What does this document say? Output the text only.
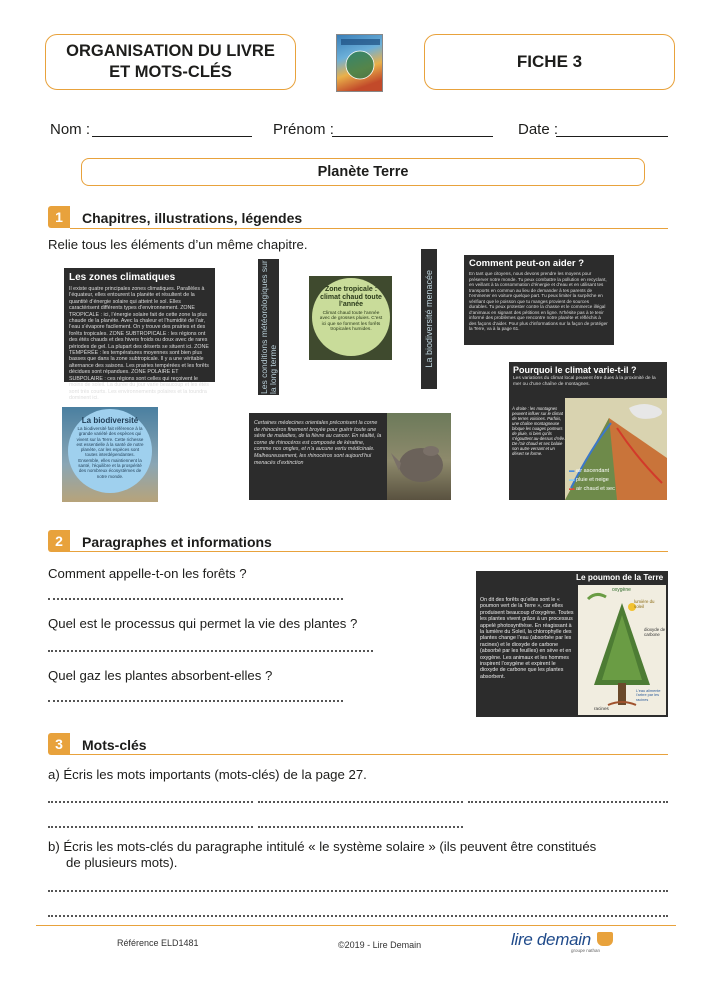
ORGANISATION DU LIVRE
ET MOTS-CLÉS
FICHE 3
Nom :	Prénom :	Date :
Planète Terre
1	Chapitres, illustrations, légendes
Relie tous les éléments d’un même chapitre.
Les zones climatiques
Il existe quatre principales zones climatiques. Parallèles à l’équateur, elles entourent la planète et résultent de la quantité d’énergie solaire qui atteint le sol. Elles caractérisent différents types d’environnement. ZONE TROPICALE : ici, l’énergie solaire fait de cette zone la plus chaude de la planète. Avec la chaleur et l’humidité de l’air, l’eau s’évapore facilement. On y trouve des prairies et des forêts tropicales. ZONE SUBTROPICALE : les régions ont des étés chauds et des hivers froids ou doux avec de rares périodes de gel. La plupart des déserts se situent ici. ZONE TEMPÉRÉE : les températures moyennes sont bien plus basses que dans la zone subtropicale. Il y a une véritable alternance des saisons. Les prairies tempérées et les forêts décidues sont répandues. ZONE POLAIRE ET SUBPOLAIRE : ces régions sont celles qui reçoivent le moins de soleil. La durée du jour varie beaucoup et les étés sont très courts. Les environnements polaires et la toundra dominent ici.
Les conditions météorologiques sur la long terme
Zone tropicale : climat chaud toute l’année
Climat chaud toute l’année avec de grosses pluies. C’est ici que se forment les forêts tropicales humides.	La biodiversité menacée
Comment peut-on aider ?
En tant que citoyens, nous devons prendre les moyens pour préserver notre monde. Tu peux combattre la pollution en recyclant, en veillant à ta consommation d’énergie et d’eau et en utilisant tes transports en commun au lieu de demander à tes parents de t’emmener en voiture quelque part. Tu peux limiter la surpêche en vérifiant que le poisson que tu manges provient de sources durables. Tu peux protester contre la chasse et le commerce illégal d’animaux en signant des pétitions en ligne. N’hésite pas à te tenir informé des problèmes que rencontre notre planète et réfléchis à des façons d’aider. Pour plus d’informations sur la façon de protéger la Terre, va à la page 61.
Pourquoi le climat varie-t-il ?
Les variations du climat local peuvent être dues à la proximité de la mer ou d’une chaîne de montagnes.
À droite : les montagnes peuvent influer sur le climat de terres voisines. Parfois, une chaîne montagneuse bloque les nuages porteurs de pluie, si bien qu’ils s’égouttent au-dessus d’elle. De l’air chaud et sec balaie son autre versant et un désert se forme.
▬ air ascendant
▬ pluie et neige
▬ air chaud et sec
La biodiversité
La biodiversité fait référence à la grande variété des espèces qui vivent sur la Terre. Cette richesse est essentielle à la santé de notre planète, car les espèces sont toutes interdépendantes. Ensemble, elles maintiennent la santé, l’équilibre et la prospérité des nombreux écosystèmes de notre monde.
Certaines médecines orientales préconisent la corne de rhinocéros finement broyée pour guérir toute une série de maladies, de la fièvre au cancer. En réalité, la corne de rhinocéros est composée de kératine, comme nos ongles, et n’a aucune vertu médicinale. Malheureusement, les rhinocéros sont aujourd’hui menacés d’extinction
2	Paragraphes et informations
Comment appelle-t-on les forêts ?
Quel est le processus qui permet la vie des plantes ?
Quel gaz les plantes absorbent-elles ?
Le poumon de la Terre
On dit des forêts qu’elles sont le « poumon vert de la Terre », car elles produisent beaucoup d’oxygène. Toutes les plantes vivent grâce à un processus appelé photosynthèse. En réagissant à la lumière du Soleil, la chlorophylle des plantes change l’eau (absorbée par les racines) et le dioxyde de carbone (absorbé par les feuilles) en sève et en oxygène. Les animaux et les hommes inspirent l’oxygène et expirent le dioxyde de carbone que les plantes absorbent.
oxygène
lumière du soleil
dioxyde de carbone
L’eau alimente l’arbre par les racines
racines
3	Mots-clés
a) Écris les mots importants (mots-clés) de la page 27.
b) Écris les mots-clés du paragraphe intitulé « le système solaire » (ils peuvent être constitués
de plusieurs mots).
Référence ELD1481	©2019 - Lire Demain	lire demain
groupe nathan
